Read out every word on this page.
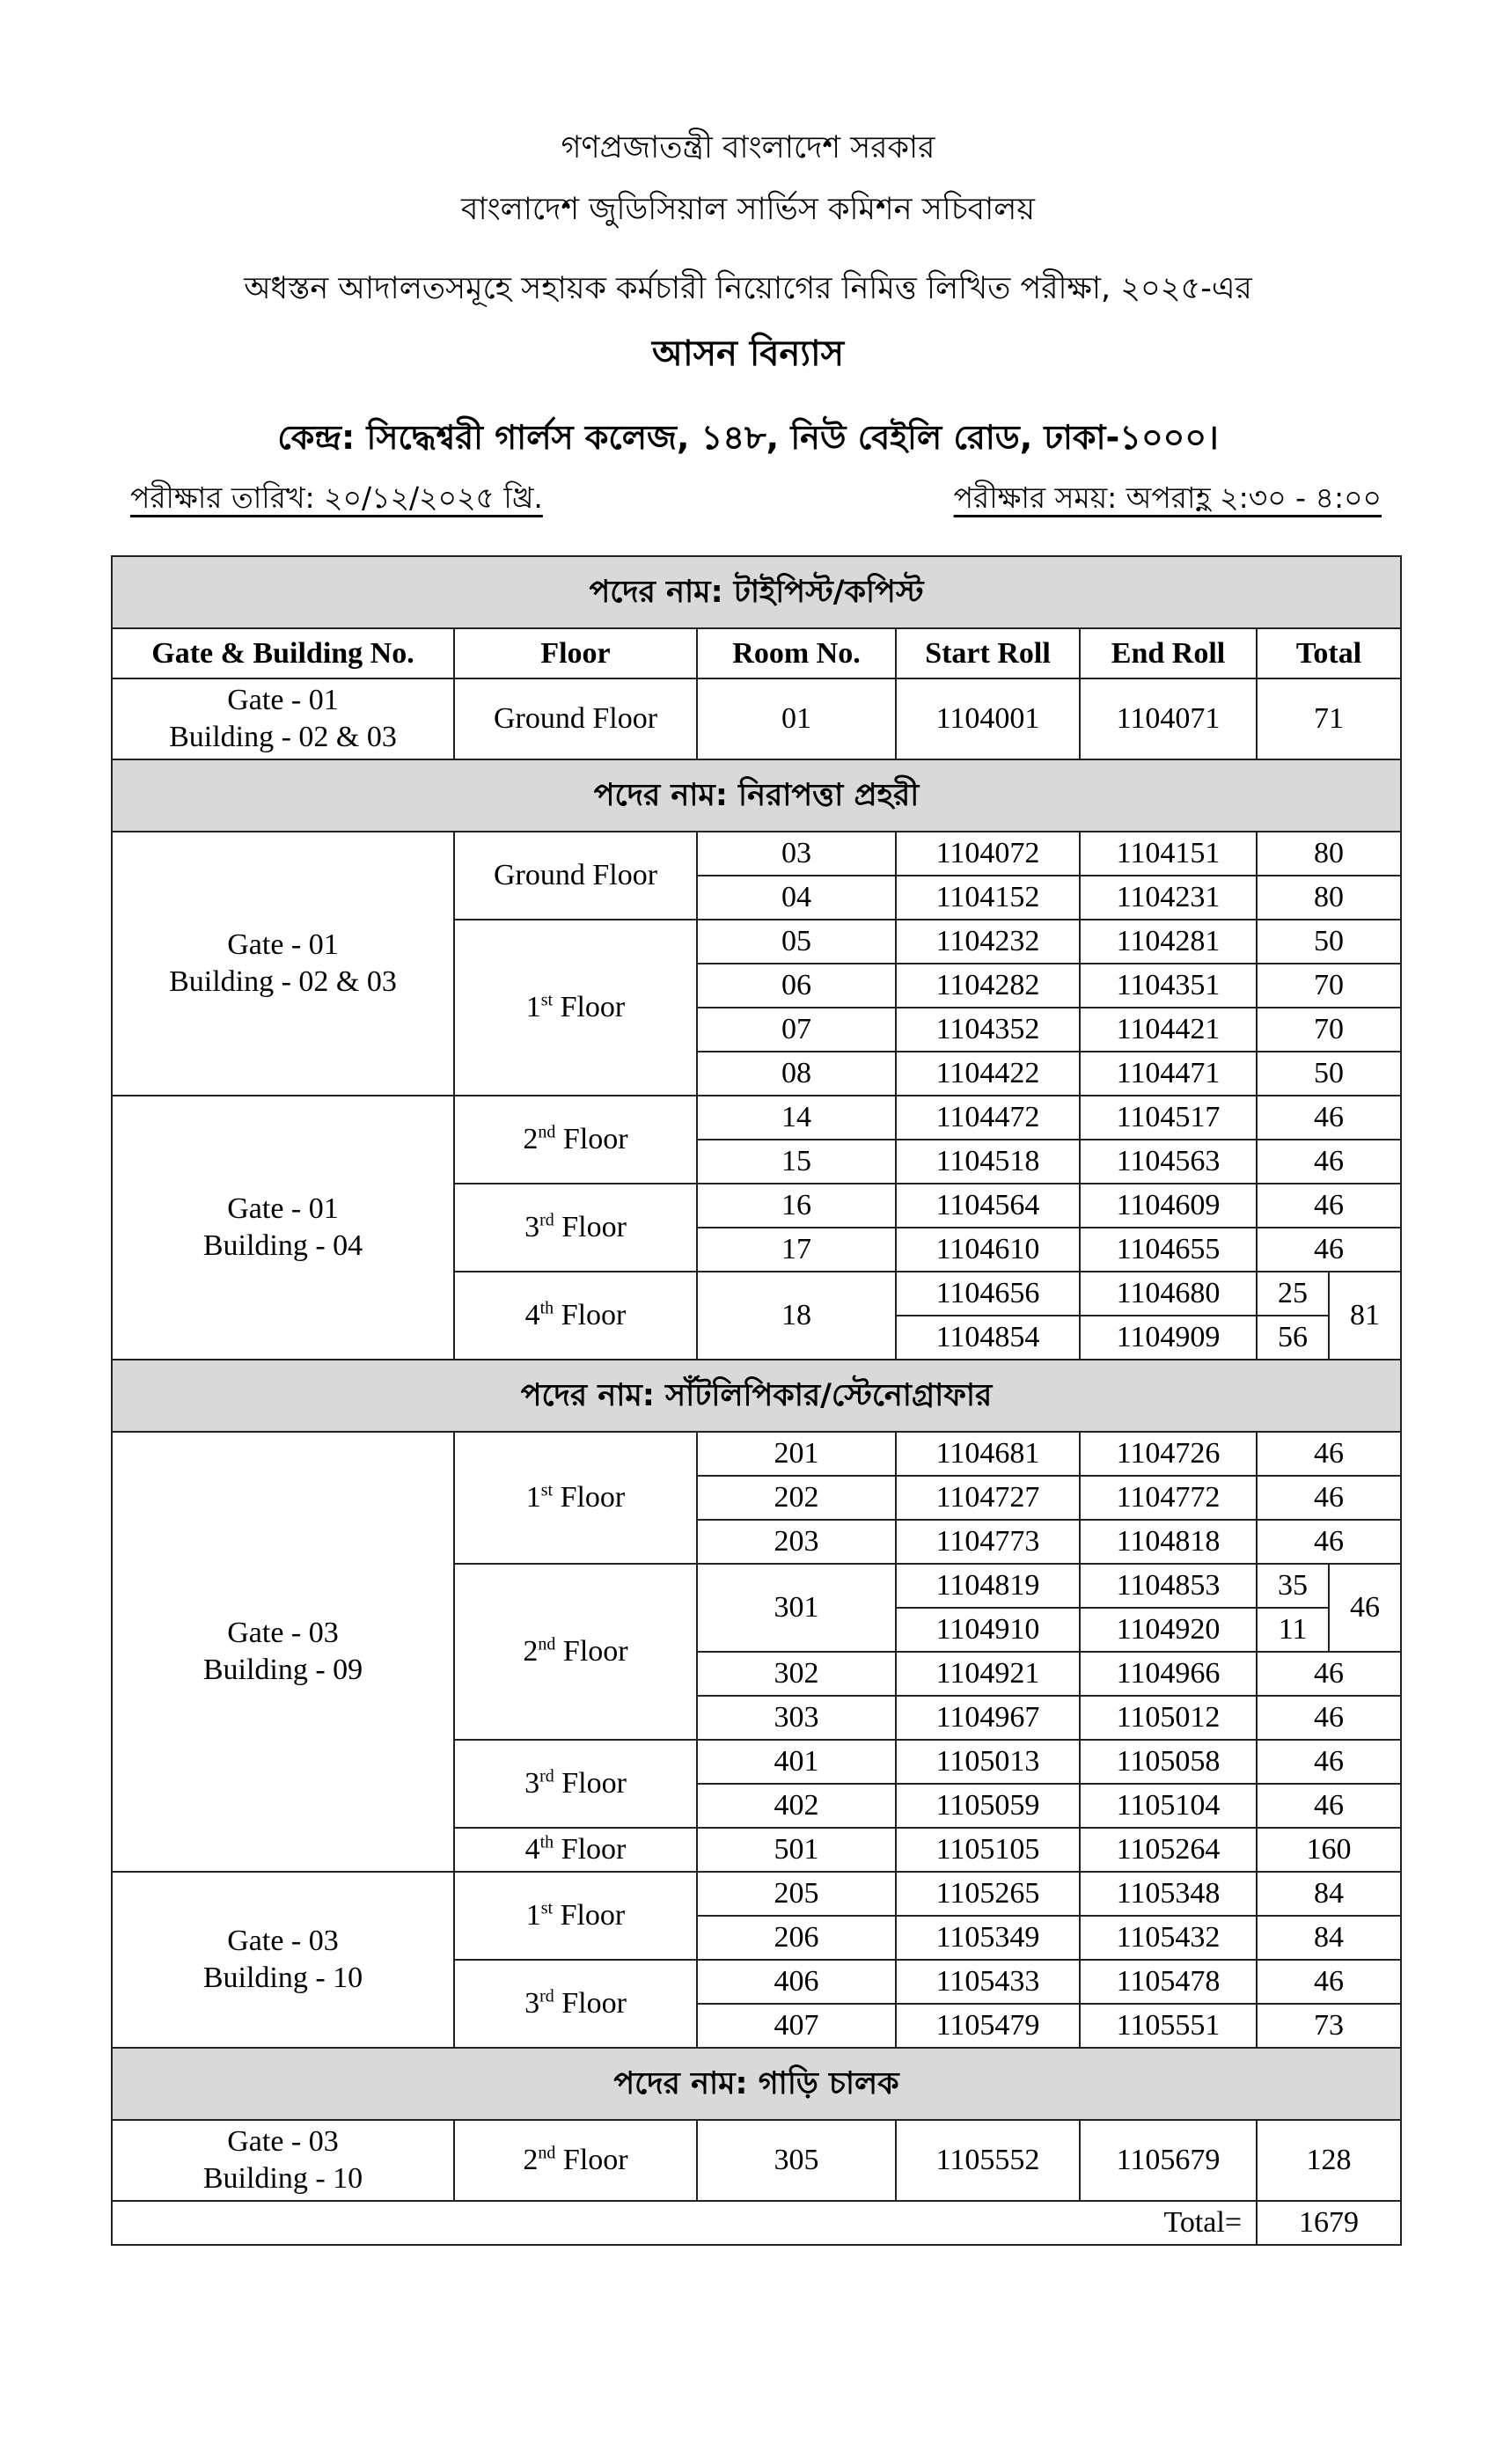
গণপ্রজাতন্ত্রী বাংলাদেশ সরকার
বাংলাদেশ জুডিসিয়াল সার্ভিস কমিশন সচিবালয়
অধস্তন আদালতসমূহে সহায়ক কর্মচারী নিয়োগের নিমিত্ত লিখিত পরীক্ষা, ২০২৫-এর
আসন বিন্যাস
কেন্দ্র: সিদ্ধেশ্বরী গার্লস কলেজ, ১৪৮, নিউ বেইলি রোড, ঢাকা-১০০০।
পরীক্ষার তারিখ: ২০/১২/২০২৫ খ্রি.	পরীক্ষার সময়: অপরাহ্ণ ২:৩০ - ৪:০০
পদের নাম: টাইপিস্ট/কপিস্ট						
Gate & Building No.	Floor	Room No.	Start Roll	End Roll	Total	

Gate - 01
Building - 02 & 03	Ground Floor	01	1104001	1104071	71	
পদের নাম: নিরাপত্তা প্রহরী						

Gate - 01
Building - 02 & 03	Ground Floor	03	1104072	1104151	80	
		04	1104152	1104231	80	
	1st Floor	05	1104232	1104281	50	
		06	1104282	1104351	70	
		07	1104352	1104421	70	
		08	1104422	1104471	50	

Gate - 01
Building - 04	2nd Floor	14	1104472	1104517	46	
		15	1104518	1104563	46	
	3rd Floor	16	1104564	1104609	46	
		17	1104610	1104655	46	
	4th Floor	18	1104656	1104680	25	81
			1104854	1104909	56	
পদের নাম: সাঁটলিপিকার/স্টেনোগ্রাফার						

Gate - 03
Building - 09	1st Floor	201	1104681	1104726	46	
		202	1104727	1104772	46	
		203	1104773	1104818	46	
	2nd Floor	301	1104819	1104853	35	46
			1104910	1104920	11	
		302	1104921	1104966	46	
		303	1104967	1105012	46	
	3rd Floor	401	1105013	1105058	46	
		402	1105059	1105104	46	
	4th Floor	501	1105105	1105264	160	

Gate - 03
Building - 10	1st Floor	205	1105265	1105348	84	
		206	1105349	1105432	84	
	3rd Floor	406	1105433	1105478	46	
		407	1105479	1105551	73	
পদের নাম: গাড়ি চালক						

Gate - 03
Building - 10	2nd Floor	305	1105552	1105679	128	
Total=					1679	
